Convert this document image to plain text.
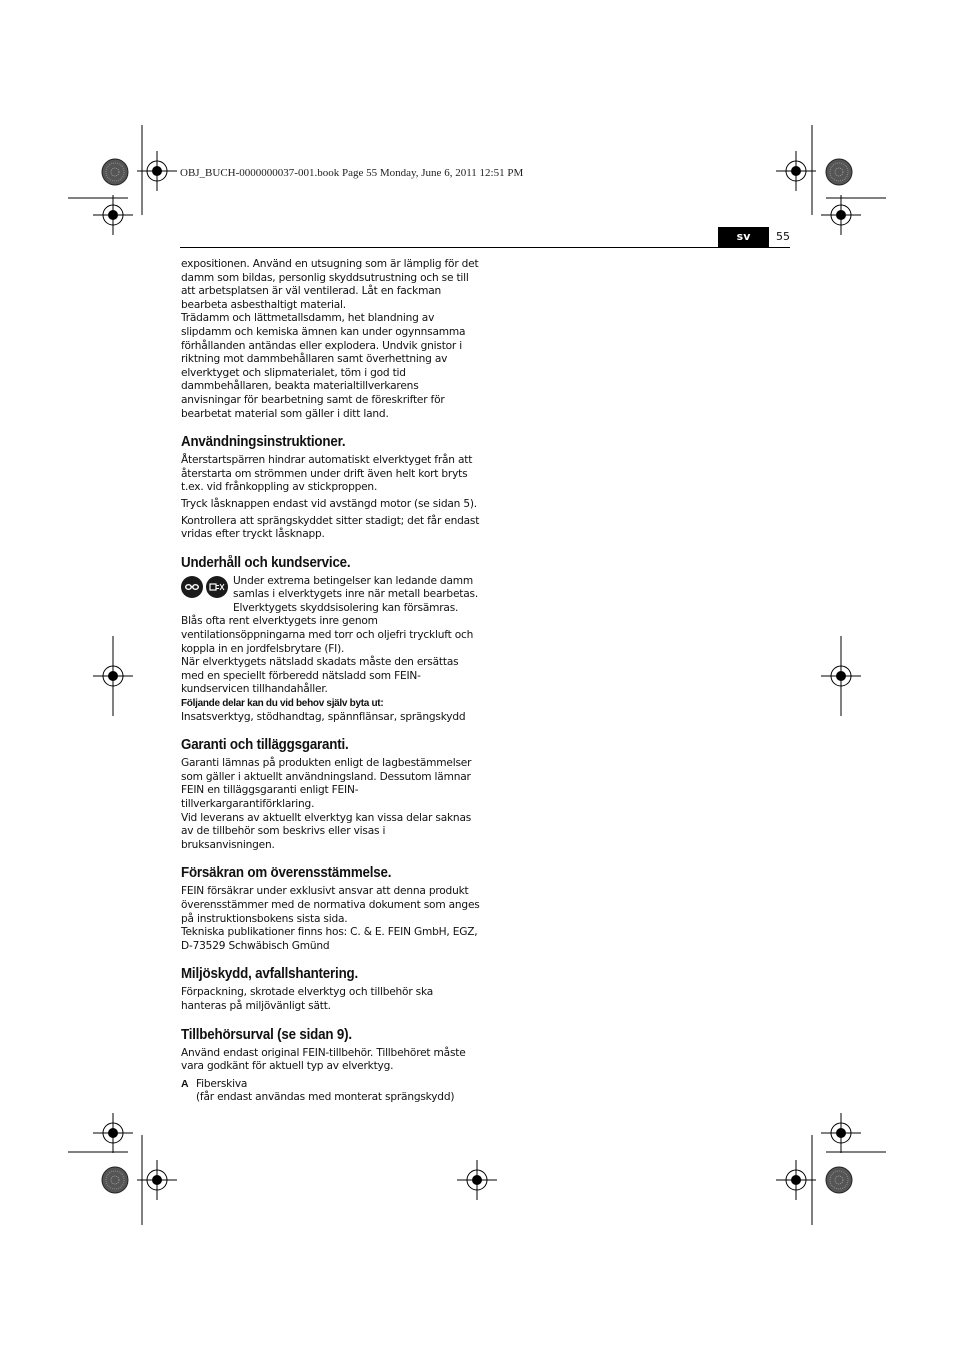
OBJ_BUCH-0000000037-001.book Page 55 Monday, June 6, 2011 12:51 PM
sv	55

expositionen. Använd en utsugning som är lämplig för det damm som bildas, personlig skyddsutrustning och se till att arbetsplatsen är väl ventilerad. Låt en fackman bearbeta asbesthaltigt material.

Trädamm och lättmetallsdamm, het blandning av slipdamm och kemiska ämnen kan under ogynnsamma förhållanden antändas eller explodera. Undvik gnistor i riktning mot dammbehållaren samt överhettning av elverktyget och slipmaterialet, töm i god tid dammbehållaren, beakta materialtillverkarens anvisningar för bearbetning samt de föreskrifter för bearbetat material som gäller i ditt land.

Användningsinstruktioner.

Återstartspärren hindrar automatiskt elverktyget från att återstarta om strömmen under drift även helt kort bryts t.ex. vid frånkoppling av stickproppen.

Tryck låsknappen endast vid avstängd motor (se sidan 5).

Kontrollera att sprängskyddet sitter stadigt; det får endast vridas efter tryckt låsknapp.

Underhåll och kundservice.

Under extrema betingelser kan ledande damm samlas i elverktygets inre när metall bearbetas. Elverktygets skyddsisolering kan försämras.

Blås ofta rent elverktygets inre genom ventilationsöppningarna med torr och oljefri tryckluft och koppla in en jordfelsbrytare (FI).

När elverktygets nätsladd skadats måste den ersättas med en speciellt förberedd nätsladd som FEIN-kundservicen tillhandahåller.

Följande delar kan du vid behov själv byta ut:

Insatsverktyg, stödhandtag, spännflänsar, sprängskydd

Garanti och tilläggsgaranti.

Garanti lämnas på produkten enligt de lagbestämmelser som gäller i aktuellt användningsland. Dessutom lämnar FEIN en tilläggsgaranti enligt FEIN-tillverkargarantiförklaring.

Vid leverans av aktuellt elverktyg kan vissa delar saknas av de tillbehör som beskrivs eller visas i bruksanvisningen.

Försäkran om överensstämmelse.

FEIN försäkrar under exklusivt ansvar att denna produkt överensstämmer med de normativa dokument som anges på instruktionsbokens sista sida.

Tekniska publikationer finns hos: C. & E. FEIN GmbH, EGZ, D-73529 Schwäbisch Gmünd

Miljöskydd, avfallshantering.

Förpackning, skrotade elverktyg och tillbehör ska hanteras på miljövänligt sätt.

Tillbehörsurval (se sidan 9).

Använd endast original FEIN-tillbehör. Tillbehöret måste vara godkänt för aktuell typ av elverktyg.

A Fiberskiva

(får endast användas med monterat sprängskydd)
